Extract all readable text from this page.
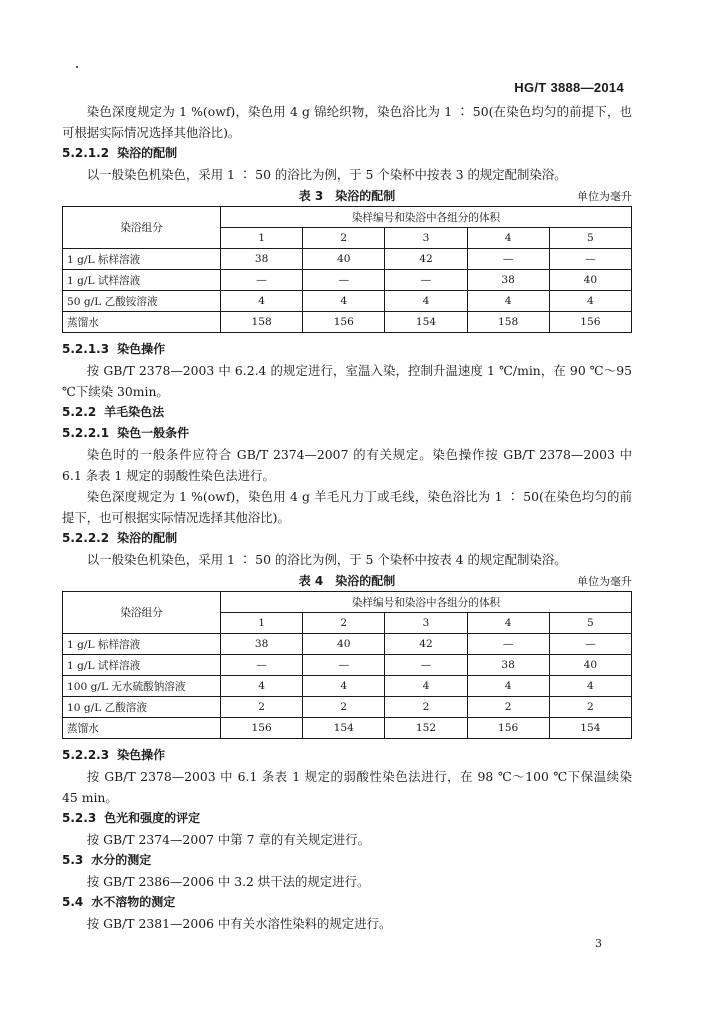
HG/T 3888—2014

染色深度规定为 1 %(owf)，染色用 4 g 锦纶织物，染色浴比为 1 ∶ 50(在染色均匀的前提下，也可根据实际情况选择其他浴比)。

5.2.1.2 染浴的配制

以一般染色机染色，采用 1 ∶ 50 的浴比为例，于 5 个染杯中按表 3 的规定配制染浴。

表 3　染浴的配制	单位为毫升
染浴组分	染样编号和染浴中各组分的体积				
	1	2	3	4	5
1 g/L 标样溶液	38	40	42	—	—
1 g/L 试样溶液	—	—	—	38	40
50 g/L 乙酸铵溶液	4	4	4	4	4
蒸馏水	158	156	154	158	156
5.2.1.3 染色操作

按 GB/T 2378—2003 中 6.2.4 的规定进行，室温入染，控制升温速度 1 ℃/min，在 90 ℃～95 ℃下续染 30min。

5.2.2 羊毛染色法
5.2.2.1 染色一般条件

染色时的一般条件应符合 GB/T 2374—2007 的有关规定。染色操作按 GB/T 2378—2003 中 6.1 条表 1 规定的弱酸性染色法进行。

染色深度规定为 1 %(owf)，染色用 4 g 羊毛凡力丁或毛线，染色浴比为 1 ∶ 50(在染色均匀的前提下，也可根据实际情况选择其他浴比)。

5.2.2.2 染浴的配制

以一般染色机染色，采用 1 ∶ 50 的浴比为例，于 5 个染杯中按表 4 的规定配制染浴。

表 4　染浴的配制	单位为毫升
染浴组分	染样编号和染浴中各组分的体积				
	1	2	3	4	5
1 g/L 标样溶液	38	40	42	—	—
1 g/L 试样溶液	—	—	—	38	40
100 g/L 无水硫酸钠溶液	4	4	4	4	4
10 g/L 乙酸溶液	2	2	2	2	2
蒸馏水	156	154	152	156	154
5.2.2.3 染色操作

按 GB/T 2378—2003 中 6.1 条表 1 规定的弱酸性染色法进行，在 98 ℃～100 ℃下保温续染 45 min。

5.2.3 色光和强度的评定

按 GB/T 2374—2007 中第 7 章的有关规定进行。

5.3 水分的测定

按 GB/T 2386—2006 中 3.2 烘干法的规定进行。

5.4 水不溶物的测定

按 GB/T 2381—2006 中有关水溶性染料的规定进行。

3
